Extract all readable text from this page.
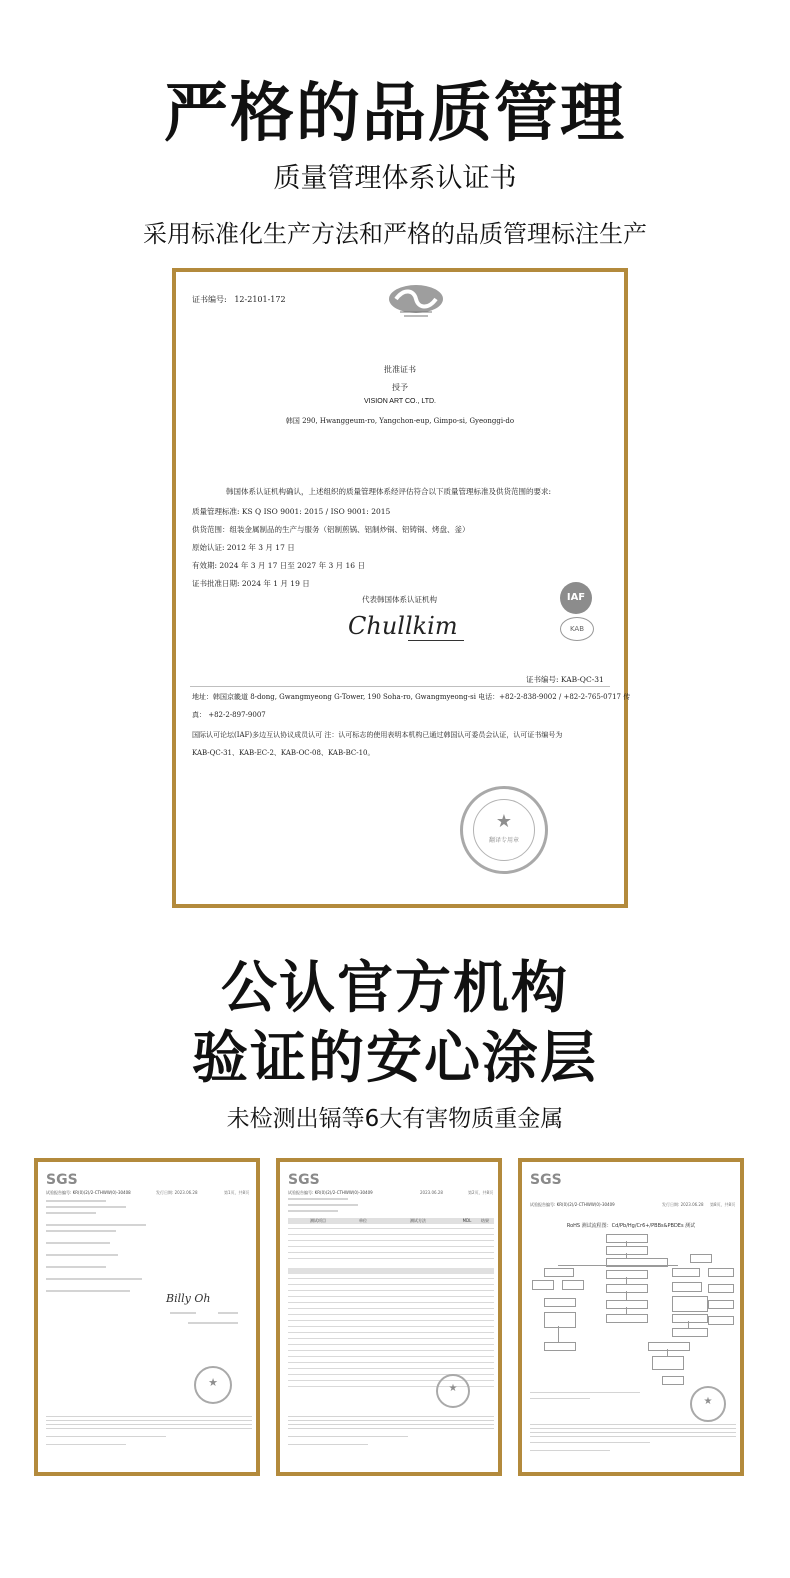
严格的品质管理
质量管理体系认证书
采用标准化生产方法和严格的品质管理标注生产
证书编号: 12-2101-172
批准证书
授予
VISION ART CO., LTD.
韩国 290, Hwanggeum-ro, Yangchon-eup, Gimpo-si, Gyeonggi-do
韩国体系认证机构确认，上述组织的质量管理体系经评估符合以下质量管理标准及供货范围的要求:
质量管理标准: KS Q ISO 9001: 2015 / ISO 9001: 2015
供货范围：组装金属制品的生产与服务（铝制煎锅、铝制炒锅、铝铸锅、烤盘、釜）
原始认证: 2012 年 3 月 17 日
有效期: 2024 年 3 月 17 日至 2027 年 3 月 16 日
证书批准日期: 2024 年 1 月 19 日
代表韩国体系认证机构
Chullkim
IAF
KAB
证书编号: KAB-QC-31
地址：韩国京畿道 8-dong, Gwangmyeong G-Tower, 190 Soha-ro, Gwangmyeong-si 电话：+82-2-838-9002 / +82-2-765-0717 传
真： +82-2-897-9007
国际认可论坛(IAF)多边互认协议成员认可 注：认可标志的使用表明本机构已通过韩国认可委员会认证，认可证书编号为
KAB-QC-31、KAB-EC-2、KAB-OC-08、KAB-BC-10。
★
翻译专用章
公认官方机构
验证的安心涂层
未检测出镉等6大有害物质重金属
SGS
试验报告编号: KR(0)(2)/2-CTHWW(0)-30408	发行日期: 2023.06.28	第1页，共8页
Billy Oh
★
SGS
试验报告编号: KR(0)(2)/2-CTHWW(0)-30409	2023.06.28	第2页，共8页
测试项目	单位	测试方法	MDL	结果
★
SGS
试验报告编号: KR(0)(2)/2-CTHWW(0)-30409	发行日期: 2023.06.28 第8页，共8页
RoHS 测试流程图：Cd/Pb/Hg/Cr6+/PBBs&PBDEs 测试
★
